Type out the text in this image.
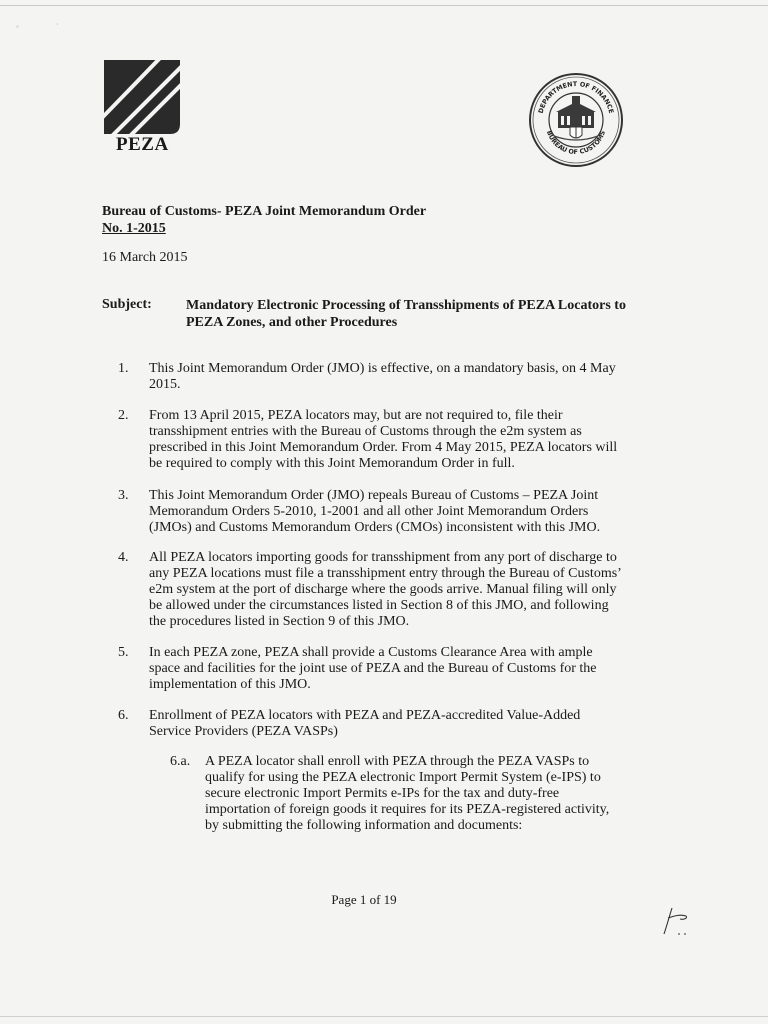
◦	·
PEZA
DEPARTMENT OF FINANCE
BUREAU OF CUSTOMS
Bureau of Customs- PEZA Joint Memorandum Order
No. 1-2015
16 March 2015
Subject: Mandatory Electronic Processing of Transshipments of PEZA Locators to
PEZA Zones, and other Procedures
1.	This Joint Memorandum Order (JMO) is effective, on a mandatory basis, on 4 May
2015.
2.	From 13 April 2015, PEZA locators may, but are not required to, file their
transshipment entries with the Bureau of Customs through the e2m system as
prescribed in this Joint Memorandum Order. From 4 May 2015, PEZA locators will
be required to comply with this Joint Memorandum Order in full.
3.	This Joint Memorandum Order (JMO) repeals Bureau of Customs – PEZA Joint
Memorandum Orders 5-2010, 1-2001 and all other Joint Memorandum Orders
(JMOs) and Customs Memorandum Orders (CMOs) inconsistent with this JMO.
4.	All PEZA locators importing goods for transshipment from any port of discharge to
any PEZA locations must file a transshipment entry through the Bureau of Customs’
e2m system at the port of discharge where the goods arrive. Manual filing will only
be allowed under the circumstances listed in Section 8 of this JMO, and following
the procedures listed in Section 9 of this JMO.
5.	In each PEZA zone, PEZA shall provide a Customs Clearance Area with ample
space and facilities for the joint use of PEZA and the Bureau of Customs for the
implementation of this JMO.
6.	Enrollment of PEZA locators with PEZA and PEZA-accredited Value-Added
Service Providers (PEZA VASPs)
6.a.	A PEZA locator shall enroll with PEZA through the PEZA VASPs to
qualify for using the PEZA electronic Import Permit System (e-IPS) to
secure electronic Import Permits e-IPs for the tax and duty-free
importation of foreign goods it requires for its PEZA-registered activity,
by submitting the following information and documents:
Page 1 of 19
